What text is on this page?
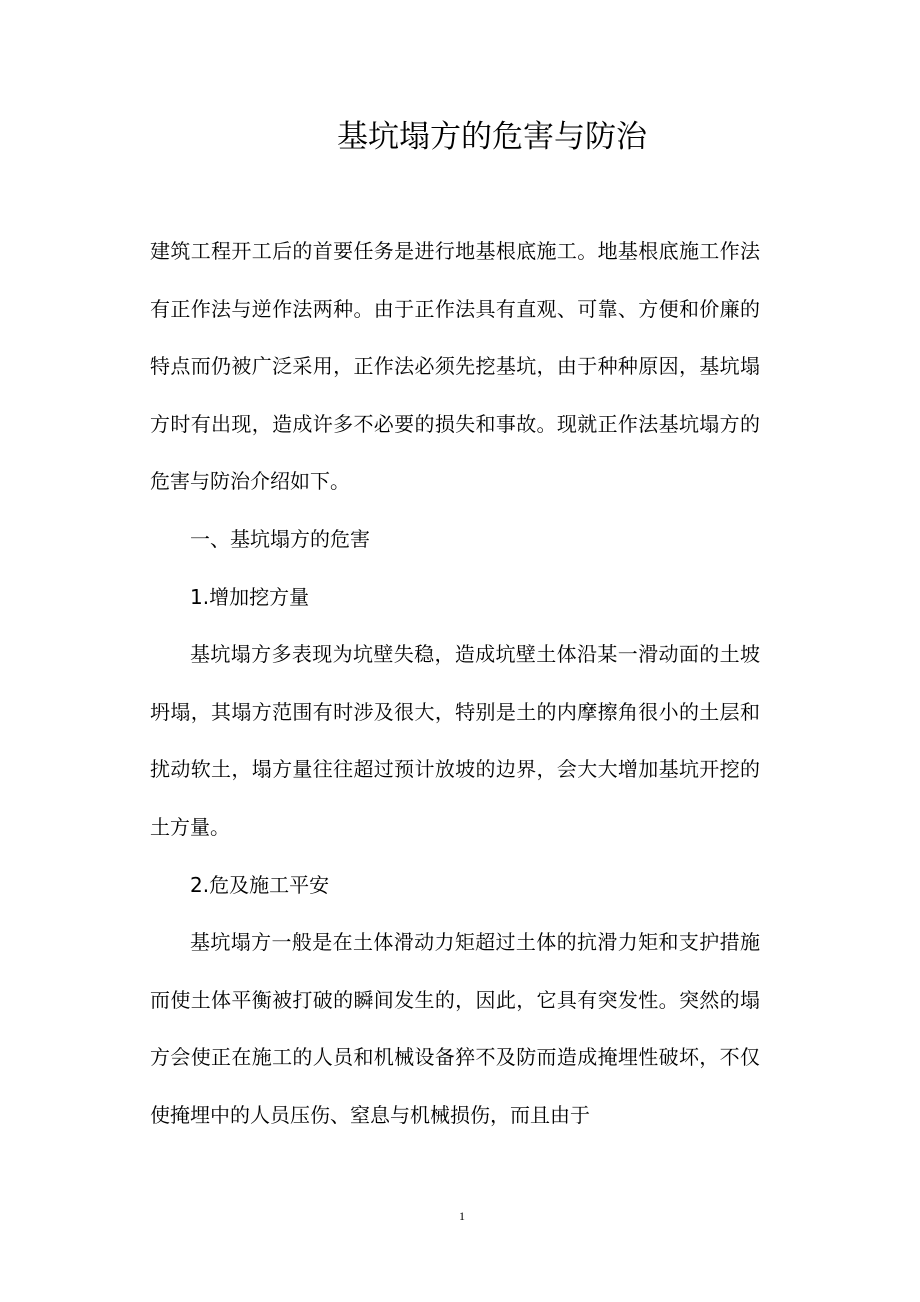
基坑塌方的危害与防治

建筑工程开工后的首要任务是进行地基根底施工。地基根底施工作法有正作法与逆作法两种。由于正作法具有直观、可靠、方便和价廉的特点而仍被广泛采用，正作法必须先挖基坑，由于种种原因，基坑塌方时有出现，造成许多不必要的损失和事故。现就正作法基坑塌方的危害与防治介绍如下。

一、基坑塌方的危害

1.增加挖方量

基坑塌方多表现为坑壁失稳，造成坑壁土体沿某一滑动面的土坡坍塌，其塌方范围有时涉及很大，特别是土的内摩擦角很小的土层和扰动软土，塌方量往往超过预计放坡的边界，会大大增加基坑开挖的土方量。

2.危及施工平安

基坑塌方一般是在土体滑动力矩超过土体的抗滑力矩和支护措施而使土体平衡被打破的瞬间发生的，因此，它具有突发性。突然的塌方会使正在施工的人员和机械设备猝不及防而造成掩埋性破坏，不仅使掩埋中的人员压伤、窒息与机械损伤，而且由于

1
